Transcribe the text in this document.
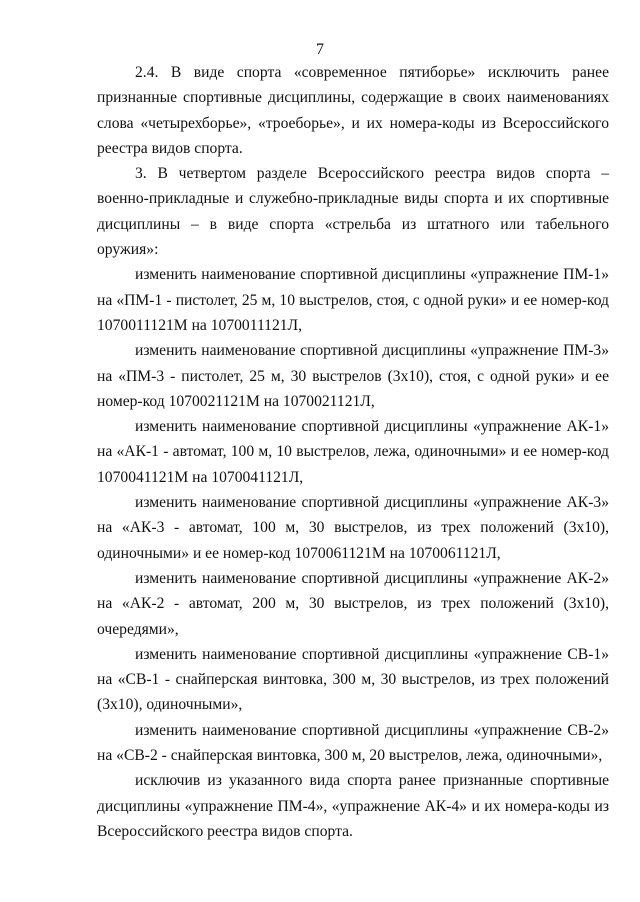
7

2.4. В виде спорта «современное пятиборье» исключить ранее признанные спортивные дисциплины, содержащие в своих наименованиях слова «четырехборье», «троеборье», и их номера-коды из Всероссийского реестра видов спорта.

3. В четвертом разделе Всероссийского реестра видов спорта – военно-прикладные и служебно-прикладные виды спорта и их спортивные дисциплины – в виде спорта «стрельба из штатного или табельного оружия»:

изменить наименование спортивной дисциплины «упражнение ПМ-1» на «ПМ-1 - пистолет, 25 м, 10 выстрелов, стоя, с одной руки» и ее номер-код 1070011121М на 1070011121Л,

изменить наименование спортивной дисциплины «упражнение ПМ-3» на «ПМ-3 - пистолет, 25 м, 30 выстрелов (3х10), стоя, с одной руки» и ее номер-код 1070021121М на 1070021121Л,

изменить наименование спортивной дисциплины «упражнение АК-1» на «АК-1 - автомат, 100 м, 10 выстрелов, лежа, одиночными» и ее номер-код 1070041121М на 1070041121Л,

изменить наименование спортивной дисциплины «упражнение АК-3» на «АК-3 - автомат, 100 м, 30 выстрелов, из трех положений (3х10), одиночными» и ее номер-код 1070061121М на 1070061121Л,

изменить наименование спортивной дисциплины «упражнение АК-2» на «АК-2 - автомат, 200 м, 30 выстрелов, из трех положений (3х10), очередями»,

изменить наименование спортивной дисциплины «упражнение СВ-1» на «СВ-1 - снайперская винтовка, 300 м, 30 выстрелов, из трех положений (3х10), одиночными»,

изменить наименование спортивной дисциплины «упражнение СВ-2» на «СВ-2 - снайперская винтовка, 300 м, 20 выстрелов, лежа, одиночными»,

исключив из указанного вида спорта ранее признанные спортивные дисциплины «упражнение ПМ-4», «упражнение АК-4» и их номера-коды из Всероссийского реестра видов спорта.
